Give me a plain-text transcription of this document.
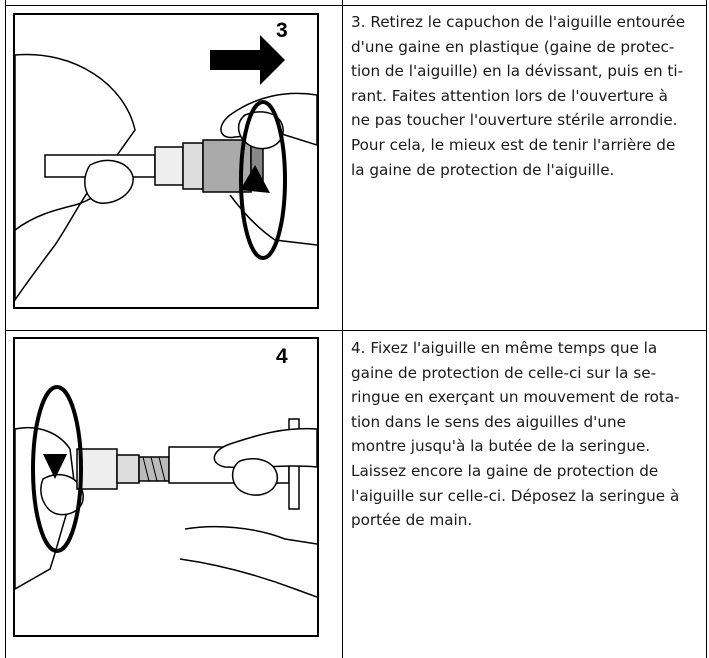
3	3. Retirez le capuchon de l'aiguille entourée
d'une gaine en plastique (gaine de protec-
tion de l'aiguille) en la dévissant, puis en ti-
rant. Faites attention lors de l'ouverture à
ne pas toucher l'ouverture stérile arrondie.
Pour cela, le mieux est de tenir l'arrière de
la gaine de protection de l'aiguille.
4	4. Fixez l'aiguille en même temps que la
gaine de protection de celle-ci sur la se-
ringue en exerçant un mouvement de rota-
tion dans le sens des aiguilles d'une
montre jusqu'à la butée de la seringue.
Laissez encore la gaine de protection de
l'aiguille sur celle-ci. Déposez la seringue à
portée de main.
